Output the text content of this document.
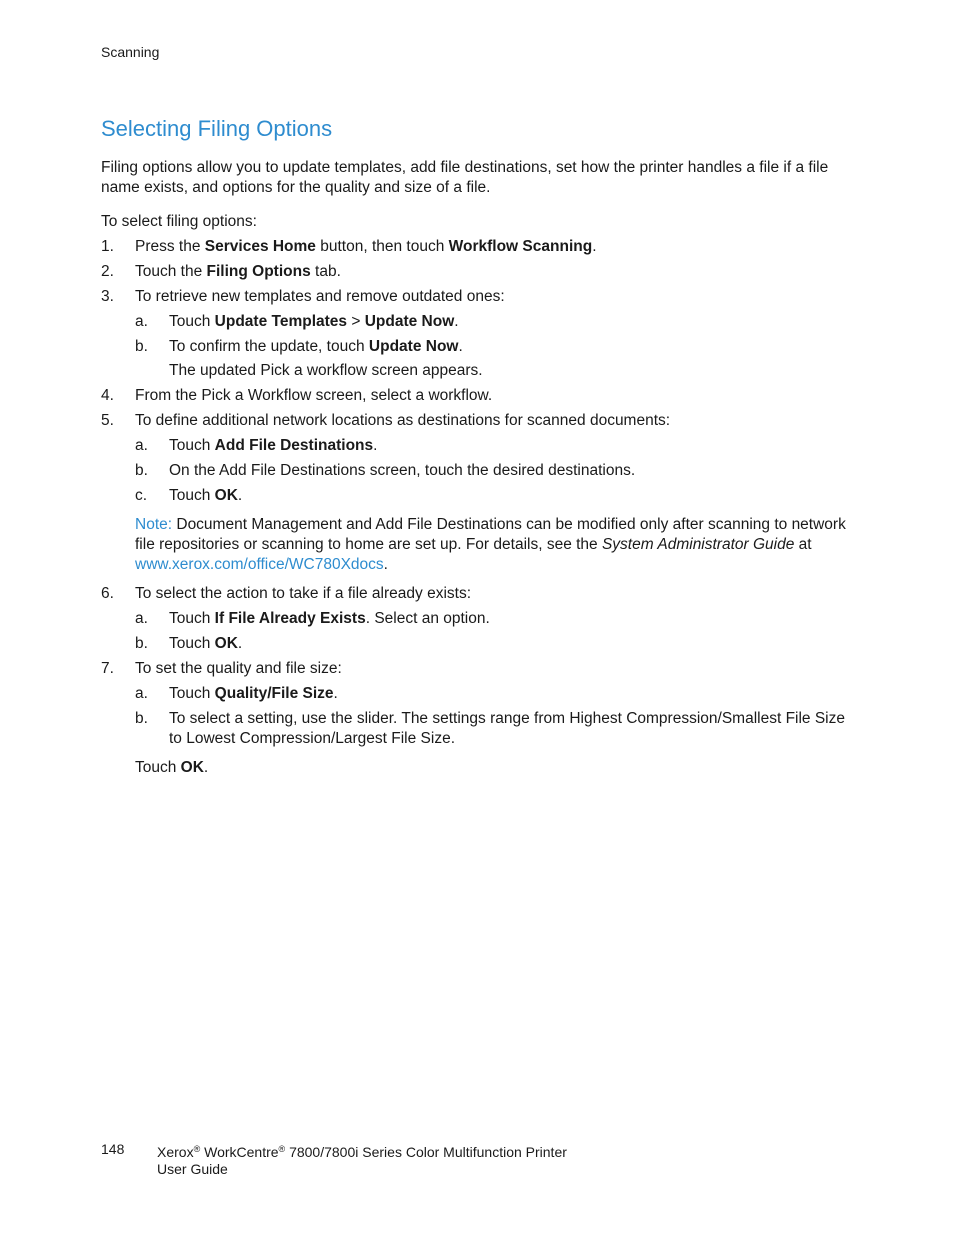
Scanning
Selecting Filing Options

Filing options allow you to update templates, add file destinations, set how the printer handles a file if a file name exists, and options for the quality and size of a file.

To select filing options:

1.	Press the Services Home button, then touch Workflow Scanning.
2.	Touch the Filing Options tab.
3.	To retrieve new templates and remove outdated ones:
a.	Touch Update Templates > Update Now.
b.	To confirm the update, touch Update Now.

The updated Pick a workflow screen appears.

4.	From the Pick a Workflow screen, select a workflow.
5.	To define additional network locations as destinations for scanned documents:
a.	Touch Add File Destinations.
b.	On the Add File Destinations screen, touch the desired destinations.
c.	Touch OK.

Note: Document Management and Add File Destinations can be modified only after scanning to network file repositories or scanning to home are set up. For details, see the System Administrator Guide at www.xerox.com/office/WC780Xdocs.

6.	To select the action to take if a file already exists:
a.	Touch If File Already Exists. Select an option.
b.	Touch OK.
7.	To set the quality and file size:
a.	Touch Quality/File Size.
b.	To select a setting, use the slider. The settings range from Highest Compression/Smallest File Size to Lowest Compression/Largest File Size.

Touch OK.

148 Xerox® WorkCentre® 7800/7800i Series Color Multifunction Printer
User Guide
